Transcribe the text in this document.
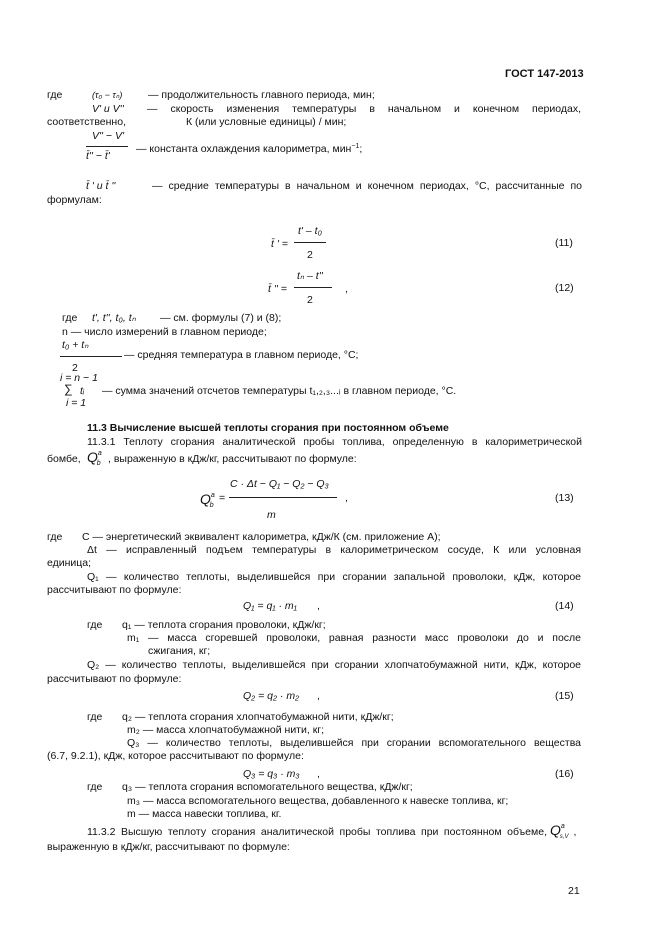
ГОСТ 147-2013
где	(τ₀ − τₙ) — продолжительность главного периода, мин;
V' и V'' — скорость изменения температуры в начальном и конечном периодах,
соответственно,	К (или условные единицы) / мин;
V'' − V'
— константа охлаждения калориметра, мин$^{-1}$;
t̄'' − t̄'
t̄ ' и t̄ ''	— средние температуры в начальном и конечном периодах, °С, рассчитанные по
формулам:
t̄ ' =
t' – t₀
2
(11)
t̄ '' =
tₙ – t''
,
2
(12)
где t', t'', t₀, tₙ — см. формулы (7) и (8);
n — число измерений в главном периоде;
t₀ + tₙ
— средняя температура в главном периоде, °С;
2
i = n − 1
∑ tᵢ — сумма значений отсчетов температуры t₁,₂,₃...ᵢ в главном периоде, °С.
i = 1
11.3 Вычисление высшей теплоты сгорания при постоянном объеме
11.3.1 Теплоту сгорания аналитической пробы топлива, определенную в калориметрической
бомбе, $Q^a_b$ , выраженную в кДж/кг, рассчитывают по формуле:
$Q^a_b$
=
C · Δt − Q₁ − Q₂ − Q₃
,
m
(13)
где С — энергетический эквивалент калориметра, кДж/К (см. приложение А);
Δt — исправленный подъем температуры в калориметрическом сосуде, К или условная
единица;
Q₁ — количество теплоты, выделившейся при сгорании запальной проволоки, кДж, которое
рассчитывают по формуле:
Q₁ = q₁ · m₁ ,	(14)
где q₁ — теплота сгорания проволоки, кДж/кг;
m₁ — масса сгоревшей проволоки, равная разности масс проволоки до и после
сжигания, кг;
Q₂ — количество теплоты, выделившейся при сгорании хлопчатобумажной нити, кДж, которое
рассчитывают по формуле:
Q₂ = q₂ · m₂ ,	(15)
где q₂ — теплота сгорания хлопчатобумажной нити, кДж/кг;
m₂ — масса хлопчатобумажной нити, кг;
Q₃ — количество теплоты, выделившейся при сгорании вспомогательного вещества
(6.7, 9.2.1), кДж, которое рассчитывают по формуле:
Q₃ = q₃ · m₃ ,	(16)
где q₃ — теплота сгорания вспомогательного вещества, кДж/кг;
m₃ — масса вспомогательного вещества, добавленного к навеске топлива, кг;
m — масса навески топлива, кг.
11.3.2 Высшую теплоту сгорания аналитической пробы топлива при постоянном объеме, $Q^a_{s,V}$ ,
выраженную в кДж/кг, рассчитывают по формуле:
21
